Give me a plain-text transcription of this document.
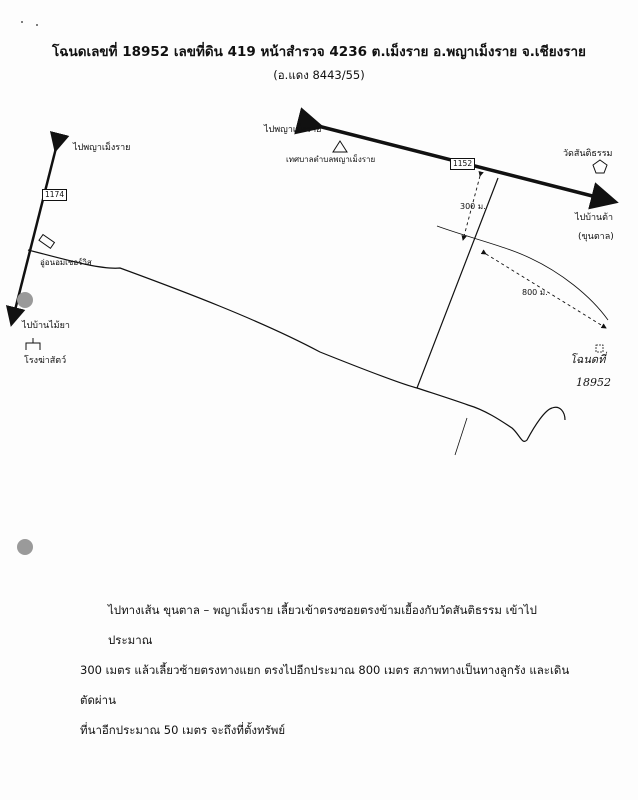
โฉนดเลขที่ 18952 เลขที่ดิน 419 หน้าสำรวจ 4236 ต.เม็งราย อ.พญาเม็งราย จ.เชียงราย
(อ.แดง 8443/55)
ไปพญาเม็งราย
1174
อู่อนอมเชอร์วิส
ไปบ้านไม้ยา
โรงฆ่าสัตว์
ไปพญาเม็งราย
เทศบาลตำบลพญาเม็งราย	1152
วัดสันติธรรม
ไปบ้านต้า
(ขุนตาล)
300 ม.
800 ม.
โฉนดที่
18952
ไปทางเส้น ขุนตาล – พญาเม็งราย เลี้ยวเข้าตรงซอยตรงข้ามเยื้องกับวัดสันติธรรม เข้าไปประมาณ
300 เมตร แล้วเลี้ยวซ้ายตรงทางแยก ตรงไปอีกประมาณ 800 เมตร สภาพทางเป็นทางลูกรัง และเดินตัดผ่าน
ที่นาอีกประมาณ 50 เมตร จะถึงที่ตั้งทรัพย์
